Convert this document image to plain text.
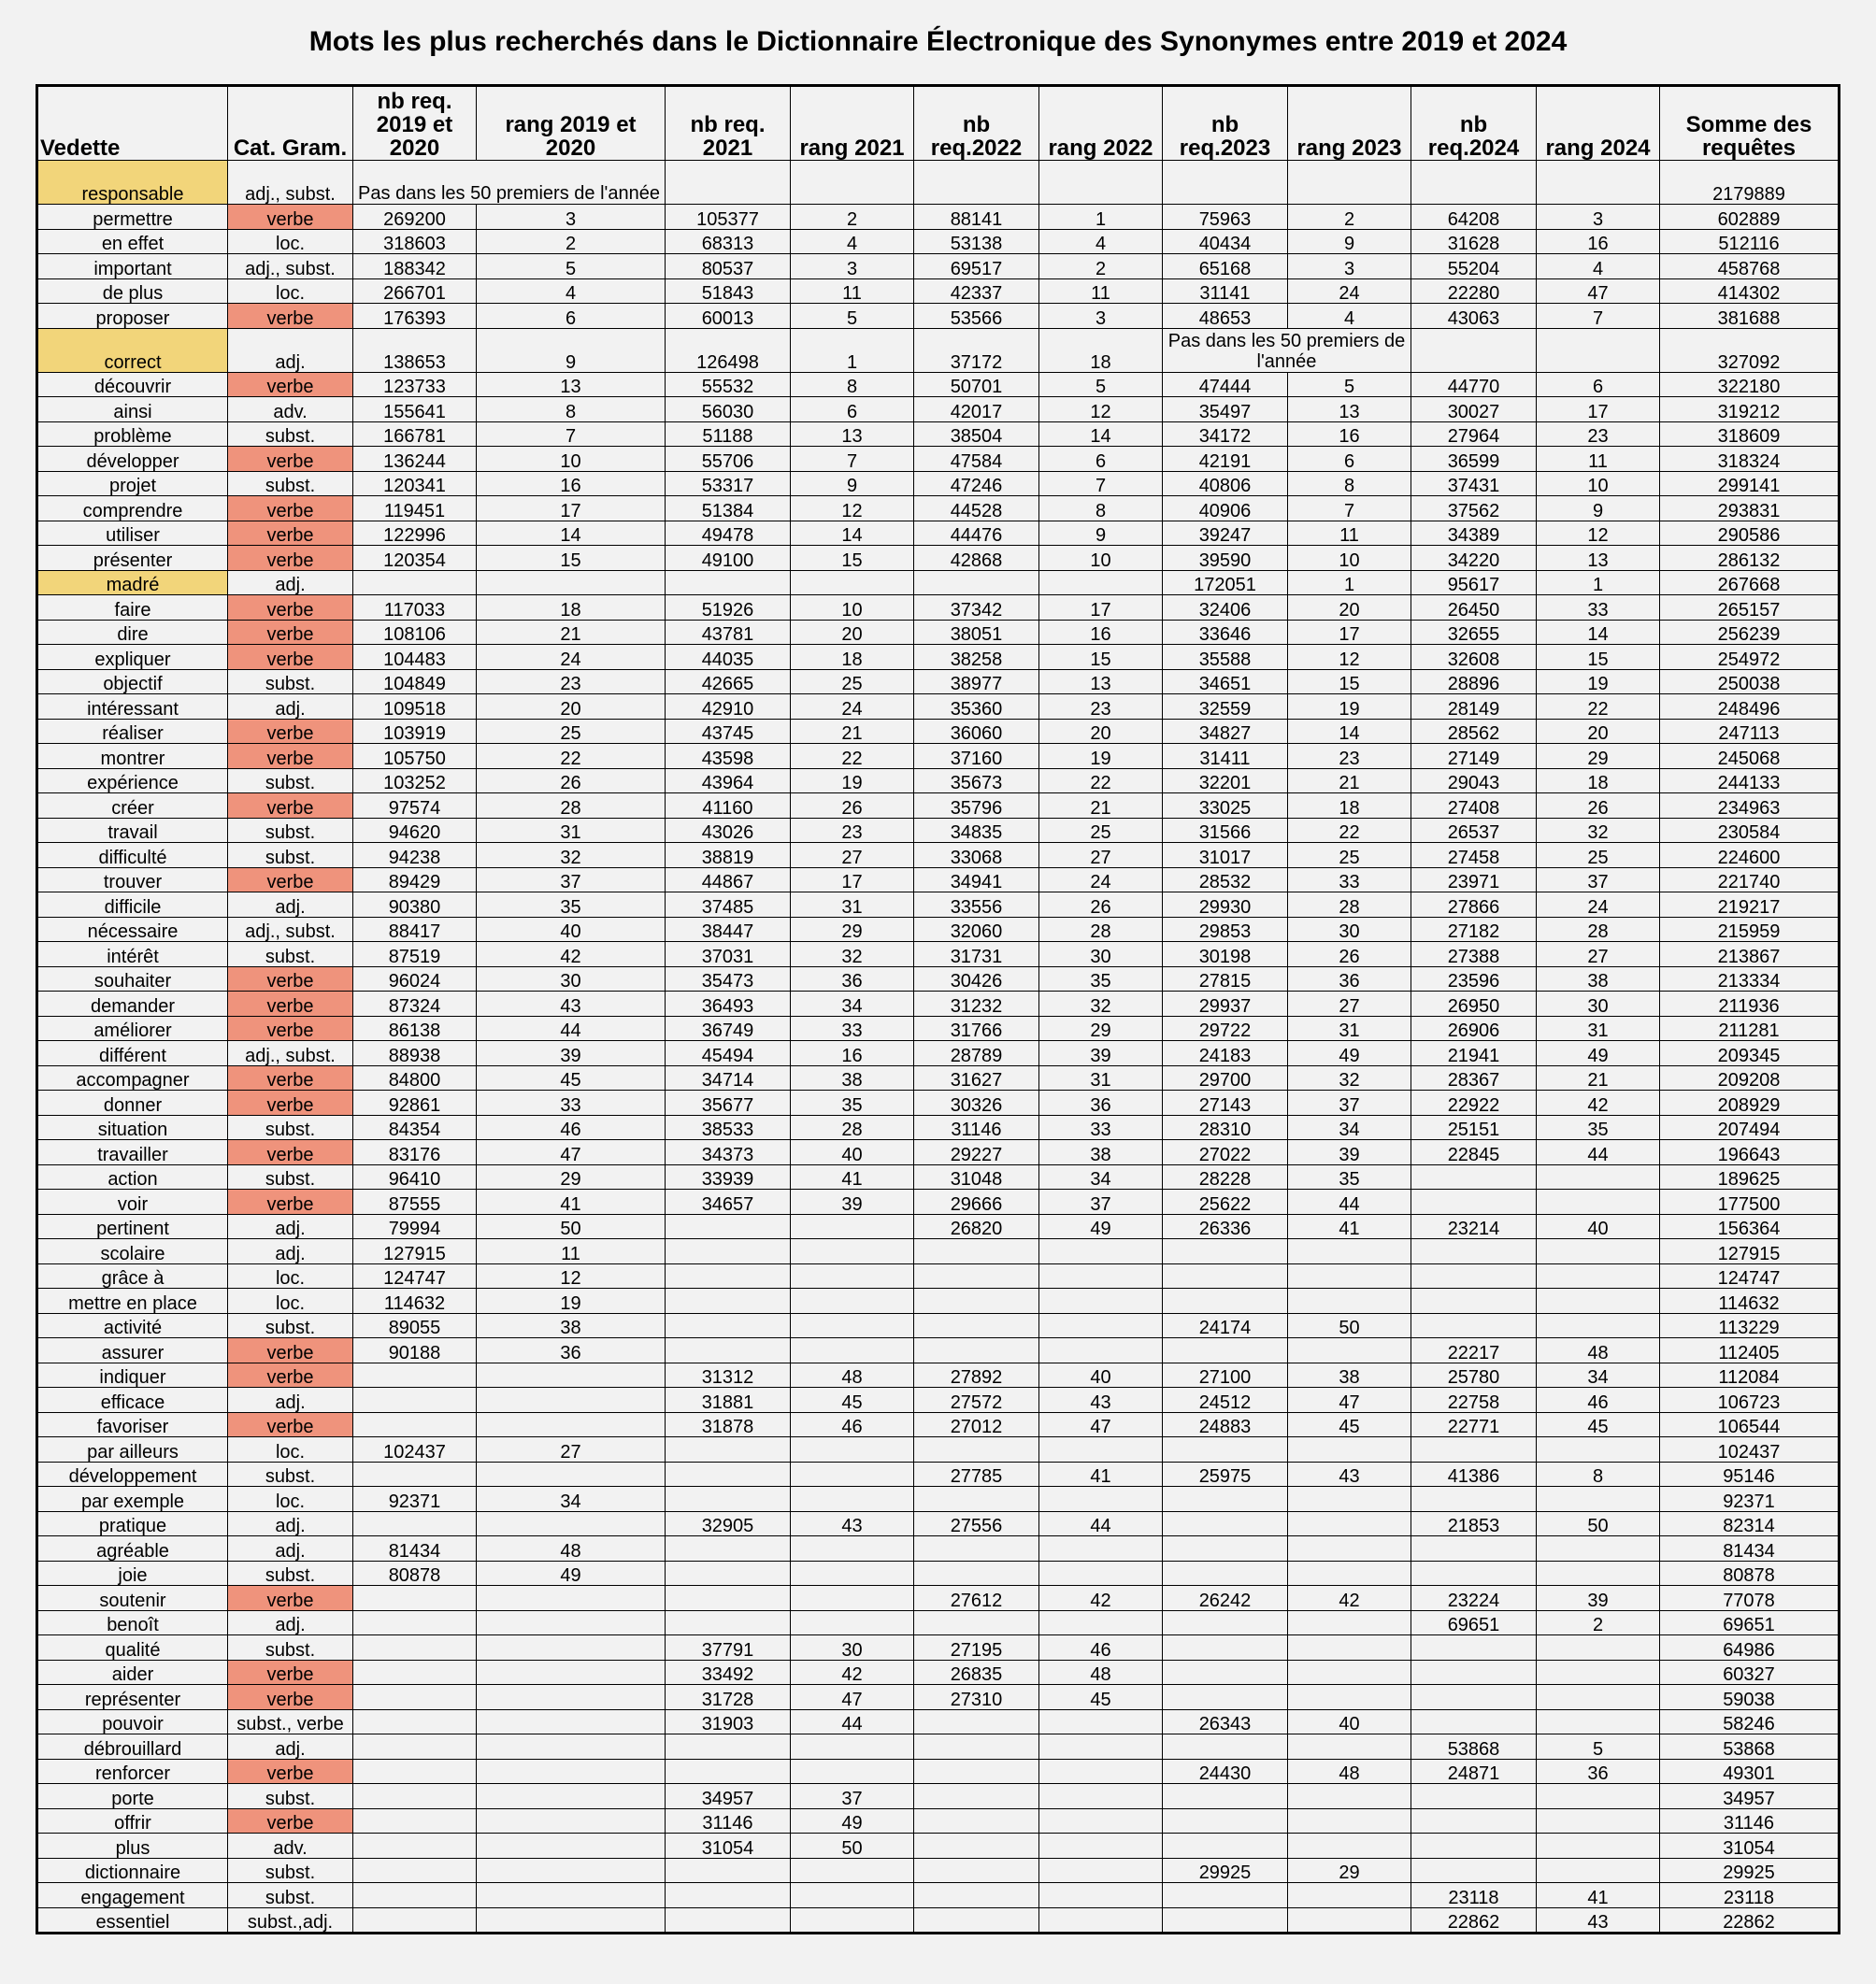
Mots les plus recherchés dans le Dictionnaire Électronique des Synonymes entre 2019 et 2024
Vedette	Cat. Gram.	nb req. 2019 et 2020	rang 2019 et 2020	nb req. 2021	rang 2021	nb req.2022	rang 2022	nb req.2023	rang 2023	nb req.2024	rang 2024	Somme des requêtes
responsable	adj., subst.	Pas dans les 50 premiers de l'année										2179889
permettre	verbe	269200	3	105377	2	88141	1	75963	2	64208	3	602889
en effet	loc.	318603	2	68313	4	53138	4	40434	9	31628	16	512116
important	adj., subst.	188342	5	80537	3	69517	2	65168	3	55204	4	458768
de plus	loc.	266701	4	51843	11	42337	11	31141	24	22280	47	414302
proposer	verbe	176393	6	60013	5	53566	3	48653	4	43063	7	381688
correct	adj.	138653	9	126498	1	37172	18	Pas dans les 50 premiers de l'année				327092
découvrir	verbe	123733	13	55532	8	50701	5	47444	5	44770	6	322180
ainsi	adv.	155641	8	56030	6	42017	12	35497	13	30027	17	319212
problème	subst.	166781	7	51188	13	38504	14	34172	16	27964	23	318609
développer	verbe	136244	10	55706	7	47584	6	42191	6	36599	11	318324
projet	subst.	120341	16	53317	9	47246	7	40806	8	37431	10	299141
comprendre	verbe	119451	17	51384	12	44528	8	40906	7	37562	9	293831
utiliser	verbe	122996	14	49478	14	44476	9	39247	11	34389	12	290586
présenter	verbe	120354	15	49100	15	42868	10	39590	10	34220	13	286132
madré	adj.							172051	1	95617	1	267668
faire	verbe	117033	18	51926	10	37342	17	32406	20	26450	33	265157
dire	verbe	108106	21	43781	20	38051	16	33646	17	32655	14	256239
expliquer	verbe	104483	24	44035	18	38258	15	35588	12	32608	15	254972
objectif	subst.	104849	23	42665	25	38977	13	34651	15	28896	19	250038
intéressant	adj.	109518	20	42910	24	35360	23	32559	19	28149	22	248496
réaliser	verbe	103919	25	43745	21	36060	20	34827	14	28562	20	247113
montrer	verbe	105750	22	43598	22	37160	19	31411	23	27149	29	245068
expérience	subst.	103252	26	43964	19	35673	22	32201	21	29043	18	244133
créer	verbe	97574	28	41160	26	35796	21	33025	18	27408	26	234963
travail	subst.	94620	31	43026	23	34835	25	31566	22	26537	32	230584
difficulté	subst.	94238	32	38819	27	33068	27	31017	25	27458	25	224600
trouver	verbe	89429	37	44867	17	34941	24	28532	33	23971	37	221740
difficile	adj.	90380	35	37485	31	33556	26	29930	28	27866	24	219217
nécessaire	adj., subst.	88417	40	38447	29	32060	28	29853	30	27182	28	215959
intérêt	subst.	87519	42	37031	32	31731	30	30198	26	27388	27	213867
souhaiter	verbe	96024	30	35473	36	30426	35	27815	36	23596	38	213334
demander	verbe	87324	43	36493	34	31232	32	29937	27	26950	30	211936
améliorer	verbe	86138	44	36749	33	31766	29	29722	31	26906	31	211281
différent	adj., subst.	88938	39	45494	16	28789	39	24183	49	21941	49	209345
accompagner	verbe	84800	45	34714	38	31627	31	29700	32	28367	21	209208
donner	verbe	92861	33	35677	35	30326	36	27143	37	22922	42	208929
situation	subst.	84354	46	38533	28	31146	33	28310	34	25151	35	207494
travailler	verbe	83176	47	34373	40	29227	38	27022	39	22845	44	196643
action	subst.	96410	29	33939	41	31048	34	28228	35			189625
voir	verbe	87555	41	34657	39	29666	37	25622	44			177500
pertinent	adj.	79994	50			26820	49	26336	41	23214	40	156364
scolaire	adj.	127915	11									127915
grâce à	loc.	124747	12									124747
mettre en place	loc.	114632	19									114632
activité	subst.	89055	38					24174	50			113229
assurer	verbe	90188	36							22217	48	112405
indiquer	verbe			31312	48	27892	40	27100	38	25780	34	112084
efficace	adj.			31881	45	27572	43	24512	47	22758	46	106723
favoriser	verbe			31878	46	27012	47	24883	45	22771	45	106544
par ailleurs	loc.	102437	27									102437
développement	subst.					27785	41	25975	43	41386	8	95146
par exemple	loc.	92371	34									92371
pratique	adj.			32905	43	27556	44			21853	50	82314
agréable	adj.	81434	48									81434
joie	subst.	80878	49									80878
soutenir	verbe					27612	42	26242	42	23224	39	77078
benoît	adj.									69651	2	69651
qualité	subst.			37791	30	27195	46					64986
aider	verbe			33492	42	26835	48					60327
représenter	verbe			31728	47	27310	45					59038
pouvoir	subst., verbe			31903	44			26343	40			58246
débrouillard	adj.									53868	5	53868
renforcer	verbe							24430	48	24871	36	49301
porte	subst.			34957	37							34957
offrir	verbe			31146	49							31146
plus	adv.			31054	50							31054
dictionnaire	subst.							29925	29			29925
engagement	subst.									23118	41	23118
essentiel	subst.,adj.									22862	43	22862
